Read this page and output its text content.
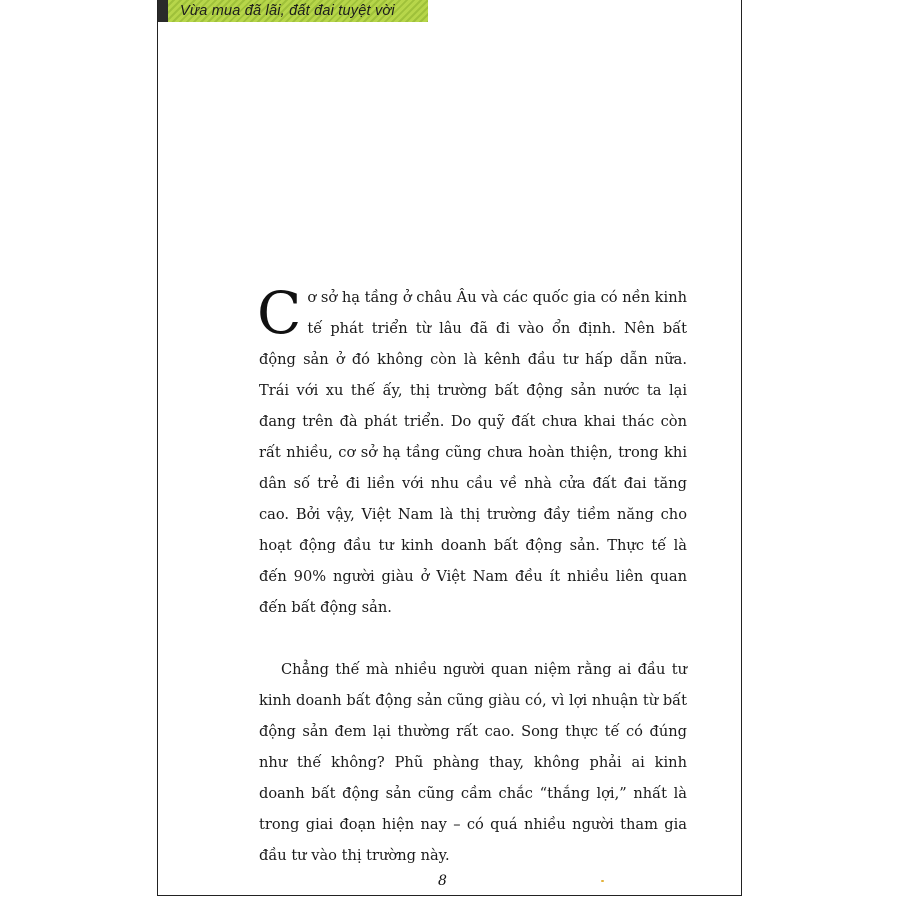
Vừa mua đã lãi, đất đai tuyệt vời

Cơ sở hạ tầng ở châu Âu và các quốc gia có nền kinh tế phát triển từ lâu đã đi vào ổn định. Nên bất động sản ở đó không còn là kênh đầu tư hấp dẫn nữa. Trái với xu thế ấy, thị trường bất động sản nước ta lại đang trên đà phát triển. Do quỹ đất chưa khai thác còn rất nhiều, cơ sở hạ tầng cũng chưa hoàn thiện, trong khi dân số trẻ đi liền với nhu cầu về nhà cửa đất đai tăng cao. Bởi vậy, Việt Nam là thị trường đầy tiềm năng cho hoạt động đầu tư kinh doanh bất động sản. Thực tế là đến 90% người giàu ở Việt Nam đều ít nhiều liên quan đến bất động sản.

Chẳng thế mà nhiều người quan niệm rằng ai đầu tư kinh doanh bất động sản cũng giàu có, vì lợi nhuận từ bất động sản đem lại thường rất cao. Song thực tế có đúng như thế không? Phũ phàng thay, không phải ai kinh doanh bất động sản cũng cầm chắc “thắng lợi,” nhất là trong giai đoạn hiện nay – có quá nhiều người tham gia đầu tư vào thị trường này.

8
